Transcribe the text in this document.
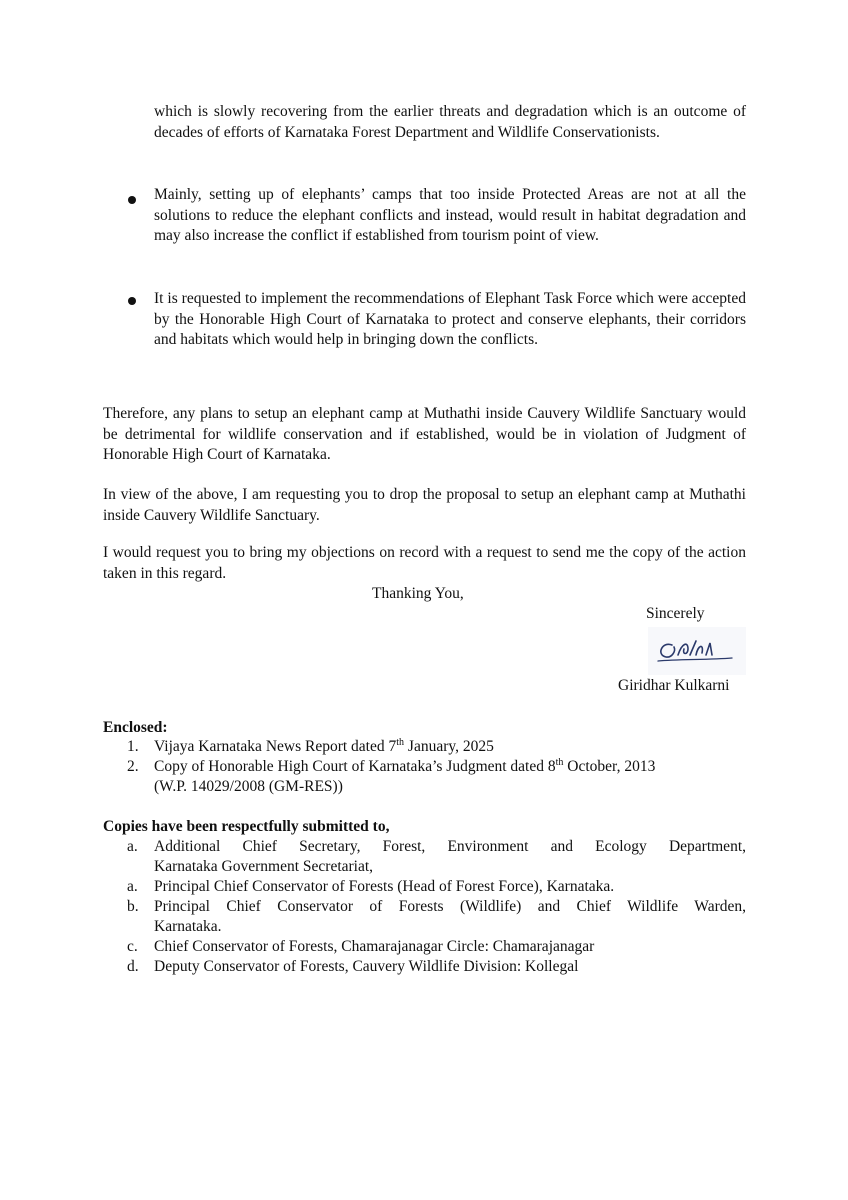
which is slowly recovering from the earlier threats and degradation which is an outcome of decades of efforts of Karnataka Forest Department and Wildlife Conservationists.
Mainly, setting up of elephants’ camps that too inside Protected Areas are not at all the solutions to reduce the elephant conflicts and instead, would result in habitat degradation and may also increase the conflict if established from tourism point of view.
It is requested to implement the recommendations of Elephant Task Force which were accepted by the Honorable High Court of Karnataka to protect and conserve elephants, their corridors and habitats which would help in bringing down the conflicts.
Therefore, any plans to setup an elephant camp at Muthathi inside Cauvery Wildlife Sanctuary would be detrimental for wildlife conservation and if established, would be in violation of Judgment of Honorable High Court of Karnataka.
In view of the above, I am requesting you to drop the proposal to setup an elephant camp at Muthathi inside Cauvery Wildlife Sanctuary.
I would request you to bring my objections on record with a request to send me the copy of the action taken in this regard.
Thanking You,
Sincerely
Giridhar Kulkarni
Enclosed:
1. Vijaya Karnataka News Report dated 7th January, 2025
2. Copy of Honorable High Court of Karnataka’s Judgment dated 8th October, 2013
(W.P. 14029/2008 (GM-RES))
Copies have been respectfully submitted to,
a.	Additional Chief Secretary, Forest, Environment and Ecology Department,
Karnataka Government Secretariat,
a.	Principal Chief Conservator of Forests (Head of Forest Force), Karnataka.
b. Principal Chief Conservator of Forests (Wildlife) and Chief Wildlife Warden,
Karnataka.
c.	Chief Conservator of Forests, Chamarajanagar Circle: Chamarajanagar
d. Deputy Conservator of Forests, Cauvery Wildlife Division: Kollegal
